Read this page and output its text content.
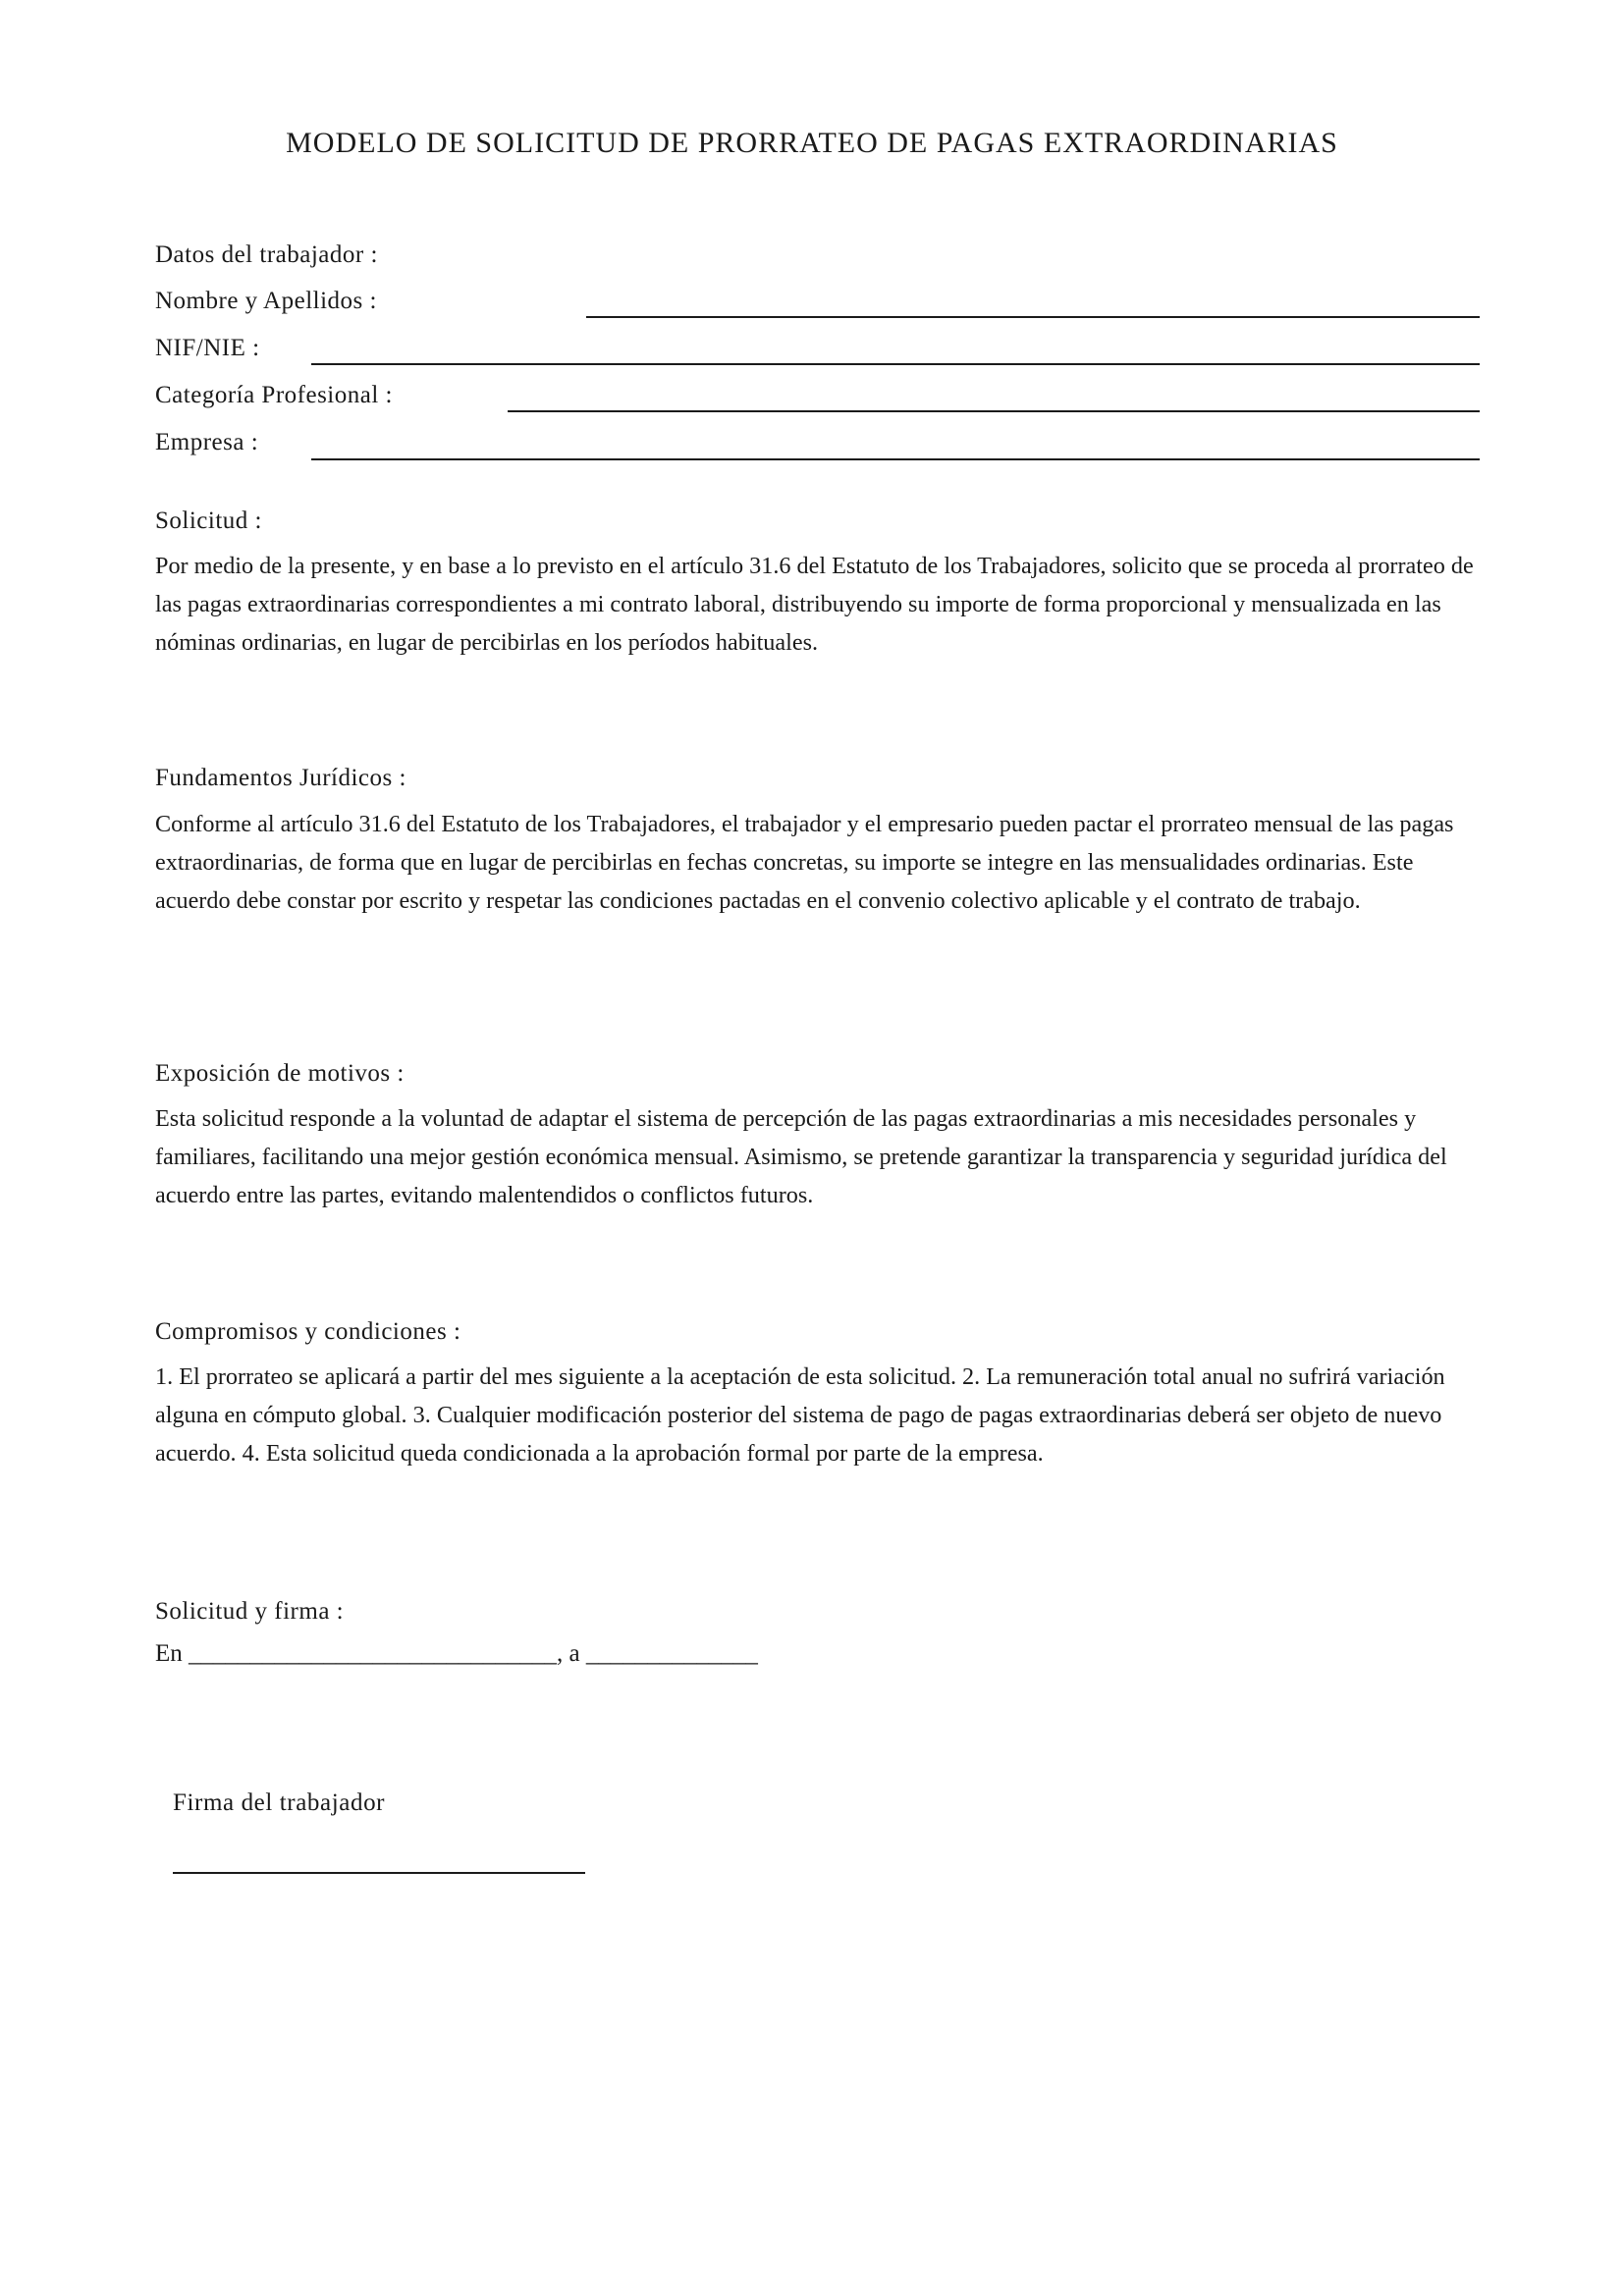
MODELO DE SOLICITUD DE PRORRATEO DE PAGAS EXTRAORDINARIAS
Datos del trabajador :
Nombre y Apellidos :
NIF/NIE :
Categoría Profesional :
Empresa :
Solicitud :

Por medio de la presente, y en base a lo previsto en el artículo 31.6 del Estatuto de los Trabajadores, solicito que se proceda al prorrateo de las pagas extraordinarias correspondientes a mi contrato laboral, distribuyendo su importe de forma proporcional y mensualizada en las nóminas ordinarias, en lugar de percibirlas en los períodos habituales.

Fundamentos Jurídicos :

Conforme al artículo 31.6 del Estatuto de los Trabajadores, el trabajador y el empresario pueden pactar el prorrateo mensual de las pagas extraordinarias, de forma que en lugar de percibirlas en fechas concretas, su importe se integre en las mensualidades ordinarias. Este acuerdo debe constar por escrito y respetar las condiciones pactadas en el convenio colectivo aplicable y el contrato de trabajo.

Exposición de motivos :

Esta solicitud responde a la voluntad de adaptar el sistema de percepción de las pagas extraordinarias a mis necesidades personales y familiares, facilitando una mejor gestión económica mensual. Asimismo, se pretende garantizar la transparencia y seguridad jurídica del acuerdo entre las partes, evitando malentendidos o conflictos futuros.

Compromisos y condiciones :

1. El prorrateo se aplicará a partir del mes siguiente a la aceptación de esta solicitud. 2. La remuneración total anual no sufrirá variación alguna en cómputo global. 3. Cualquier modificación posterior del sistema de pago de pagas extraordinarias deberá ser objeto de nuevo acuerdo. 4. Esta solicitud queda condicionada a la aprobación formal por parte de la empresa.

Solicitud y firma :
En ______________________________, a ______________
Firma del trabajador
